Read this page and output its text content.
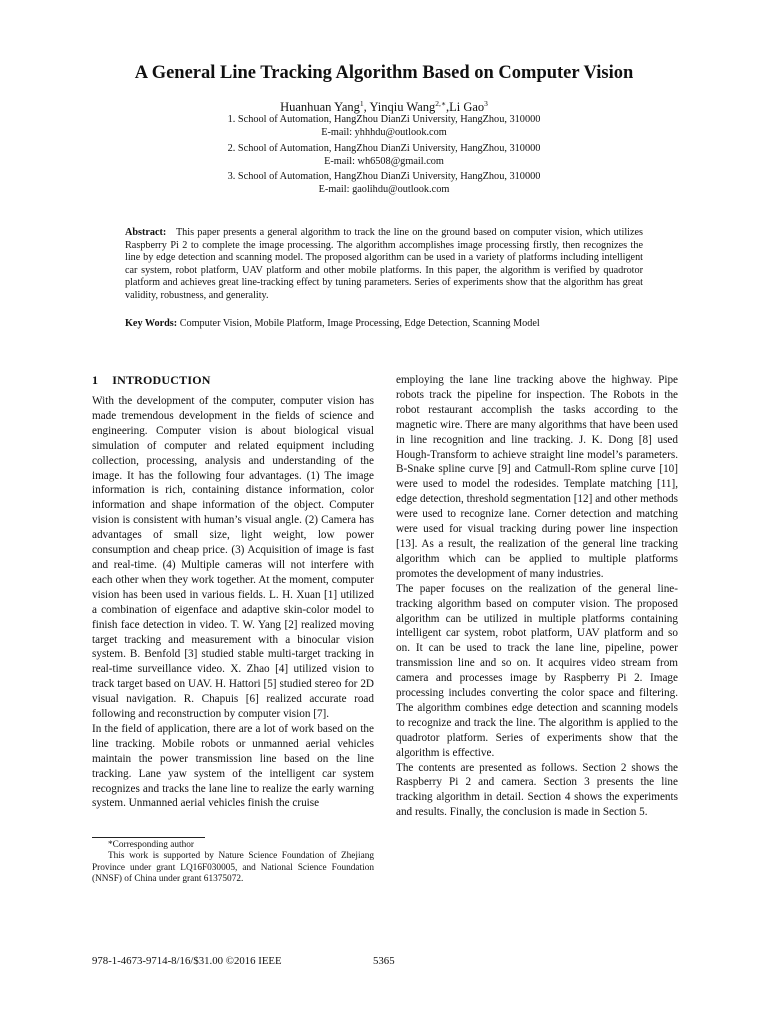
A General Line Tracking Algorithm Based on Computer Vision
Huanhuan Yang$^1$, Yinqiu Wang$^{2,∗}$,Li Gao$^3$
1. School of Automation, HangZhou DianZi University, HangZhou, 310000
E-mail: yhhhdu@outlook.com
2. School of Automation, HangZhou DianZi University, HangZhou, 310000
E-mail: wh6508@gmail.com
3. School of Automation, HangZhou DianZi University, HangZhou, 310000
E-mail: gaolihdu@outlook.com
Abstract: This paper presents a general algorithm to track the line on the ground based on computer vision, which utilizes Raspberry Pi 2 to complete the image processing. The algorithm accomplishes image processing firstly, then recognizes the line by edge detection and scanning model. The proposed algorithm can be used in a variety of platforms including intelligent car system, robot platform, UAV platform and other mobile platforms. In this paper, the algorithm is verified by quadrotor platform and achieves great line-tracking effect by tuning parameters. Series of experiments show that the algorithm has great validity, robustness, and generality.
Key Words: Computer Vision, Mobile Platform, Image Processing, Edge Detection, Scanning Model
1 INTRODUCTION

With the development of the computer, computer vision has made tremendous development in the fields of science and engineering. Computer vision is about biological visual simulation of computer and related equipment including collection, processing, analysis and understanding of the image. It has the following four advantages. (1) The image information is rich, containing distance information, color information and shape information of the object. Computer vision is consistent with human’s visual angle. (2) Camera has advantages of small size, light weight, low power consumption and cheap price. (3) Acquisition of image is fast and real-time. (4) Multiple cameras will not interfere with each other when they work together. At the moment, computer vision has been used in various fields. L. H. Xuan [1] utilized a combination of eigenface and adaptive skin-color model to finish face detection in video. T. W. Yang [2] realized moving target tracking and measurement with a binocular vision system. B. Benfold [3] studied stable multi-target tracking in real-time surveillance video. X. Zhao [4] utilized vision to track target based on UAV. H. Hattori [5] studied stereo for 2D visual navigation. R. Chapuis [6] realized accurate road following and reconstruction by computer vision [7].

In the field of application, there are a lot of work based on the line tracking. Mobile robots or unmanned aerial vehicles maintain the power transmission line based on the line tracking. Lane yaw system of the intelligent car system recognizes and tracks the lane line to realize the early warning system. Unmanned aerial vehicles finish the cruise

employing the lane line tracking above the highway. Pipe robots track the pipeline for inspection. The Robots in the robot restaurant accomplish the tasks according to the magnetic wire. There are many algorithms that have been used in line recognition and line tracking. J. K. Dong [8] used Hough-Transform to achieve straight line model’s parameters. B-Snake spline curve [9] and Catmull-Rom spline curve [10] were used to model the rodesides. Template matching [11], edge detection, threshold segmentation [12] and other methods were used to recognize lane. Corner detection and matching were used for visual tracking during power line inspection [13]. As a result, the realization of the general line tracking algorithm which can be applied to multiple platforms promotes the development of many industries.

The paper focuses on the realization of the general line-tracking algorithm based on computer vision. The proposed algorithm can be utilized in multiple platforms containing intelligent car system, robot platform, UAV platform and so on. It can be used to track the lane line, pipeline, power transmission line and so on. It acquires video stream from camera and processes image by Raspberry Pi 2. Image processing includes converting the color space and filtering. The algorithm combines edge detection and scanning models to recognize and track the line. The algorithm is applied to the quadrotor platform. Series of experiments show that the algorithm is effective.

The contents are presented as follows. Section 2 shows the Raspberry Pi 2 and camera. Section 3 presents the line tracking algorithm in detail. Section 4 shows the experiments and results. Finally, the conclusion is made in Section 5.

*Corresponding author

This work is supported by Nature Science Foundation of Zhejiang Province under grant LQ16F030005, and National Science Foundation (NNSF) of China under grant 61375072.

978-1-4673-9714-8/16/$31.00 ©2016 IEEE	5365
